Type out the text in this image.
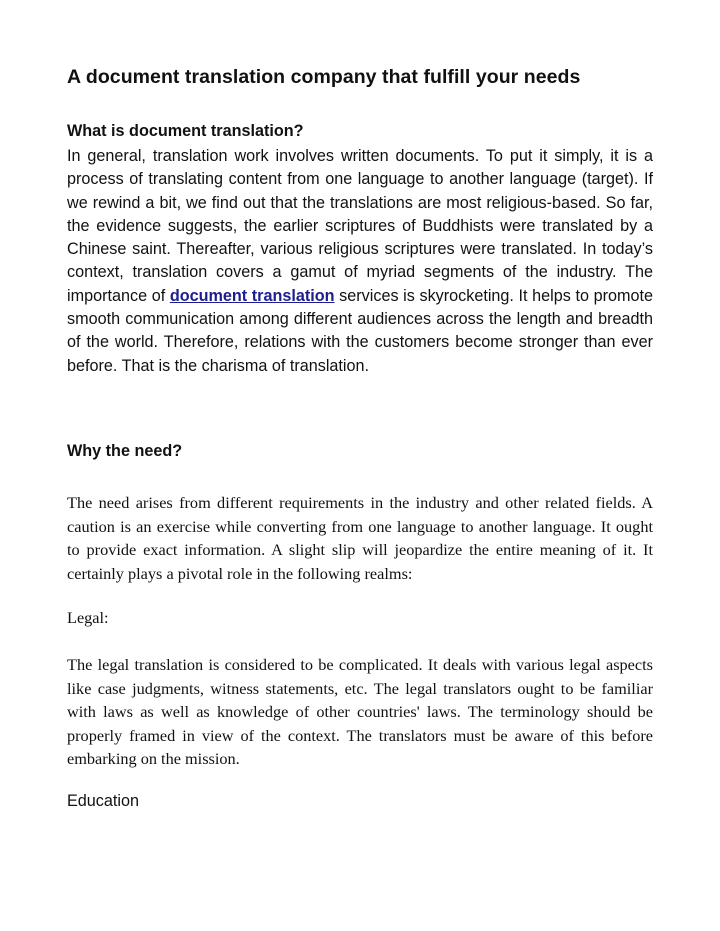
A document translation company that fulfill your needs
What is document translation?

In general, translation work involves written documents. To put it simply, it is a process of translating content from one language to another language (target). If we rewind a bit, we find out that the translations are most religious-based. So far, the evidence suggests, the earlier scriptures of Buddhists were translated by a Chinese saint. Thereafter, various religious scriptures were translated. In today’s context, translation covers a gamut of myriad segments of the industry. The importance of document translation services is skyrocketing. It helps to promote smooth communication among different audiences across the length and breadth of the world. Therefore, relations with the customers become stronger than ever before. That is the charisma of translation.

Why the need?

The need arises from different requirements in the industry and other related fields. A caution is an exercise while converting from one language to another language. It ought to provide exact information. A slight slip will jeopardize the entire meaning of it. It certainly plays a pivotal role in the following realms:

Legal:

The legal translation is considered to be complicated. It deals with various legal aspects like case judgments, witness statements, etc. The legal translators ought to be familiar with laws as well as knowledge of other countries' laws. The terminology should be properly framed in view of the context. The translators must be aware of this before embarking on the mission.

Education
